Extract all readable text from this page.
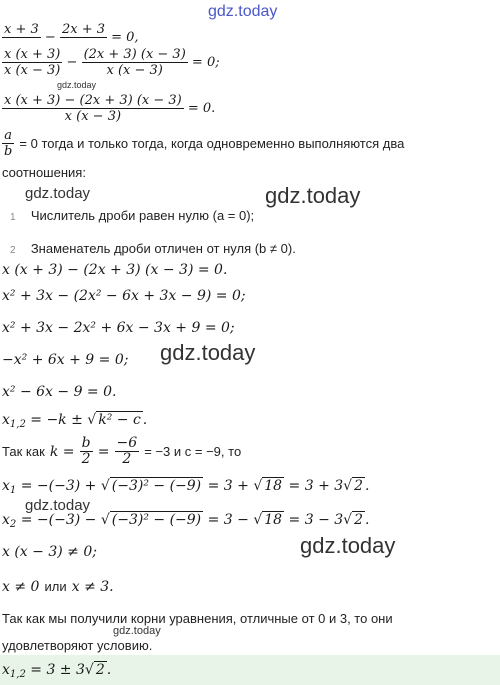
gdz.today
gdz.today
gdz.today	gdz.today
gdz.today
gdz.today
gdz.today
gdz.today
x + 3

−
2x + 3

= 0,
$\frac{x (x + 3)}{x (x - 3)} - \frac{(2x + 3) (x - 3)}{x (x - 3)} = 0$;
$\frac{x (x + 3) - (2x + 3) (x - 3)}{x (x - 3)} = 0$.
$\frac{a}{b} = 0$ тогда и только тогда, когда одновременно выполняются два
соотношения:
1 Числитель дроби равен нулю (a = 0);
2 Знаменатель дроби отличен от нуля (b ≠ 0).
x (x + 3) − (2x + 3) (x − 3) = 0.
x² + 3x − (2x² − 6x + 3x − 9) = 0;
x² + 3x − 2x² + 6x − 3x + 9 = 0;
−x² + 6x + 9 = 0;
x² − 6x − 9 = 0.
$x_{1,2} = -k$ ± √ k² − c .
Так как $k = \frac{b}{2} = \frac{-6}{2} = -3$ и c = −9, то
$x_1 = -(-3)$ + √ (−3)² − (−9) = 3 + √ 18 = 3 + 3√ 2 .
$x_2 = -(-3)$ − √ (−3)² − (−9) = 3 − √ 18 = 3 − 3√ 2 .
x (x − 3) ≠ 0;
x ≠ 0 или x ≠ 3.
Так как мы получили корни уравнения, отличные от 0 и 3, то они
удовлетворяют условию.
$x_{1,2} = 3 \pm 3√$ 2 .
